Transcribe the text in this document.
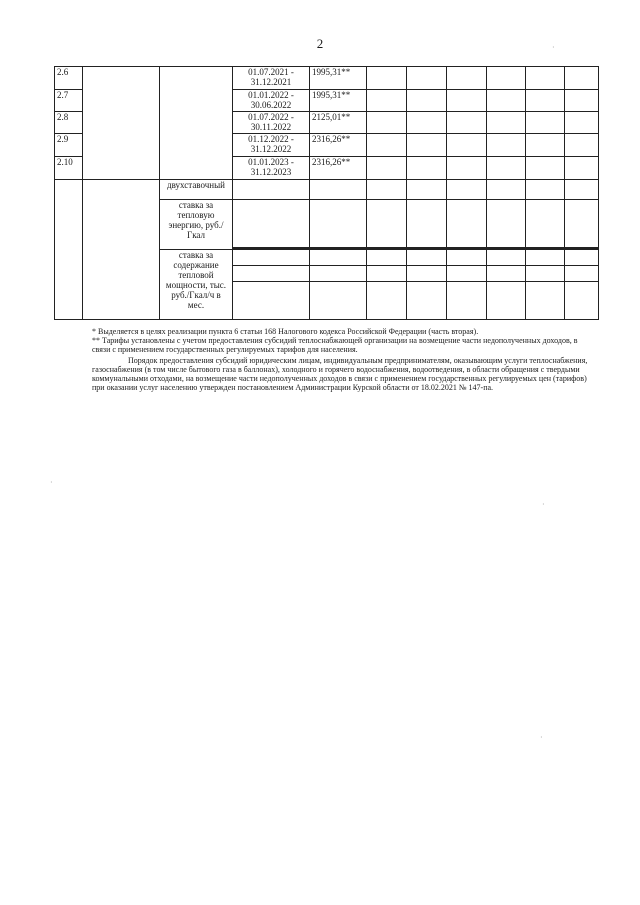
2
2.6			01.07.2021 - 31.12.2021	1995,31**						
2.7			01.01.2022 - 30.06.2022	1995,31**						
2.8			01.07.2022 - 30.11.2022	2125,01**						
2.9			01.12.2022 - 31.12.2022	2316,26**						
2.10			01.01.2023 - 31.12.2023	2316,26**						
		двухставочный								
		ставка за тепловую энергию, руб./Гкал								

		ставка за содержание тепловой мощности, тыс. руб./Гкал/ч в мес.								

* Выделяется в целях реализации пункта 6 статьи 168 Налогового кодекса Российской Федерации (часть вторая).

** Тарифы установлены с учетом предоставления субсидий теплоснабжающей организации на возмещение части недополученных доходов, в связи с применением государственных регулируемых тарифов для населения.

Порядок предоставления субсидий юридическим лицам, индивидуальным предпринимателям, оказывающим услуги теплоснабжения, газоснабжения (в том числе бытового газа в баллонах), холодного и горячего водоснабжения, водоотведения, в области обращения с твердыми коммунальными отходами, на возмещение части недополученных доходов в связи с применением государственных регулируемых цен (тарифов) при оказании услуг населению утвержден постановлением Администрации Курской области от 18.02.2021 № 147-па.

·
·
·
·
